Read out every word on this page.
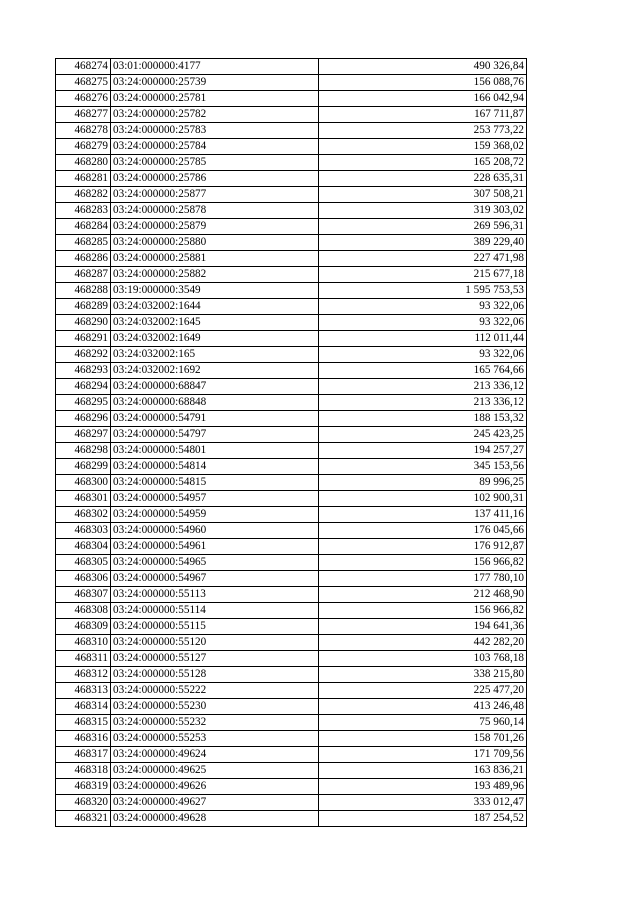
468274	03:01:000000:4177	490 326,84
468275	03:24:000000:25739	156 088,76
468276	03:24:000000:25781	166 042,94
468277	03:24:000000:25782	167 711,87
468278	03:24:000000:25783	253 773,22
468279	03:24:000000:25784	159 368,02
468280	03:24:000000:25785	165 208,72
468281	03:24:000000:25786	228 635,31
468282	03:24:000000:25877	307 508,21
468283	03:24:000000:25878	319 303,02
468284	03:24:000000:25879	269 596,31
468285	03:24:000000:25880	389 229,40
468286	03:24:000000:25881	227 471,98
468287	03:24:000000:25882	215 677,18
468288	03:19:000000:3549	1 595 753,53
468289	03:24:032002:1644	93 322,06
468290	03:24:032002:1645	93 322,06
468291	03:24:032002:1649	112 011,44
468292	03:24:032002:165	93 322,06
468293	03:24:032002:1692	165 764,66
468294	03:24:000000:68847	213 336,12
468295	03:24:000000:68848	213 336,12
468296	03:24:000000:54791	188 153,32
468297	03:24:000000:54797	245 423,25
468298	03:24:000000:54801	194 257,27
468299	03:24:000000:54814	345 153,56
468300	03:24:000000:54815	89 996,25
468301	03:24:000000:54957	102 900,31
468302	03:24:000000:54959	137 411,16
468303	03:24:000000:54960	176 045,66
468304	03:24:000000:54961	176 912,87
468305	03:24:000000:54965	156 966,82
468306	03:24:000000:54967	177 780,10
468307	03:24:000000:55113	212 468,90
468308	03:24:000000:55114	156 966,82
468309	03:24:000000:55115	194 641,36
468310	03:24:000000:55120	442 282,20
468311	03:24:000000:55127	103 768,18
468312	03:24:000000:55128	338 215,80
468313	03:24:000000:55222	225 477,20
468314	03:24:000000:55230	413 246,48
468315	03:24:000000:55232	75 960,14
468316	03:24:000000:55253	158 701,26
468317	03:24:000000:49624	171 709,56
468318	03:24:000000:49625	163 836,21
468319	03:24:000000:49626	193 489,96
468320	03:24:000000:49627	333 012,47
468321	03:24:000000:49628	187 254,52
